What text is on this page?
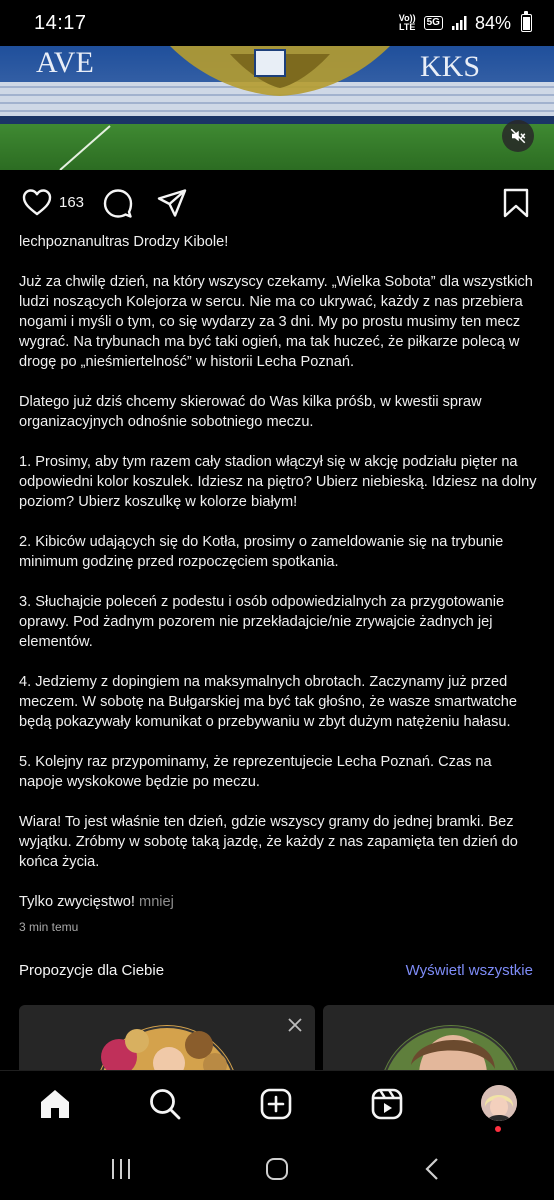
14:17	Vo))
LTE	5G 84%
AVE	KKS
163

lechpoznanultras Drodzy Kibole!

Już za chwilę dzień, na który wszyscy czekamy. „Wielka Sobota” dla wszystkich ludzi noszących Kolejorza w sercu. Nie ma co ukrywać, każdy z nas przebiera nogami i myśli o tym, co się wydarzy za 3 dni. My po prostu musimy ten mecz wygrać. Na trybunach ma być taki ogień, ma tak huczeć, że piłkarze polecą w drogę po „nieśmiertelność” w historii Lecha Poznań.

Dlatego już dziś chcemy skierować do Was kilka próśb, w kwestii spraw organizacyjnych odnośnie sobotniego meczu.

1. Prosimy, aby tym razem cały stadion włączył się w akcję podziału pięter na odpowiedni kolor koszulek. Idziesz na piętro? Ubierz niebieską. Idziesz na dolny poziom? Ubierz koszulkę w kolorze białym!

2. Kibiców udających się do Kotła, prosimy o zameldowanie się na trybunie minimum godzinę przed rozpoczęciem spotkania.

3. Słuchajcie poleceń z podestu i osób odpowiedzialnych za przygotowanie oprawy. Pod żadnym pozorem nie przekładajcie/nie zrywajcie żadnych jej elementów.

4. Jedziemy z dopingiem na maksymalnych obrotach. Zaczynamy już przed meczem. W sobotę na Bułgarskiej ma być tak głośno, że wasze smartwatche będą pokazywały komunikat o przebywaniu w zbyt dużym natężeniu hałasu.

5. Kolejny raz przypominamy, że reprezentujecie Lecha Poznań. Czas na napoje wyskokowe będzie po meczu.

Wiara! To jest właśnie ten dzień, gdzie wszyscy gramy do jednej bramki. Bez wyjątku. Zróbmy w sobotę taką jazdę, że każdy z nas zapamięta ten dzień do końca życia.

Tylko zwycięstwo! mniej

3 min temu
Propozycje dla Ciebie	Wyświetl wszystkie
